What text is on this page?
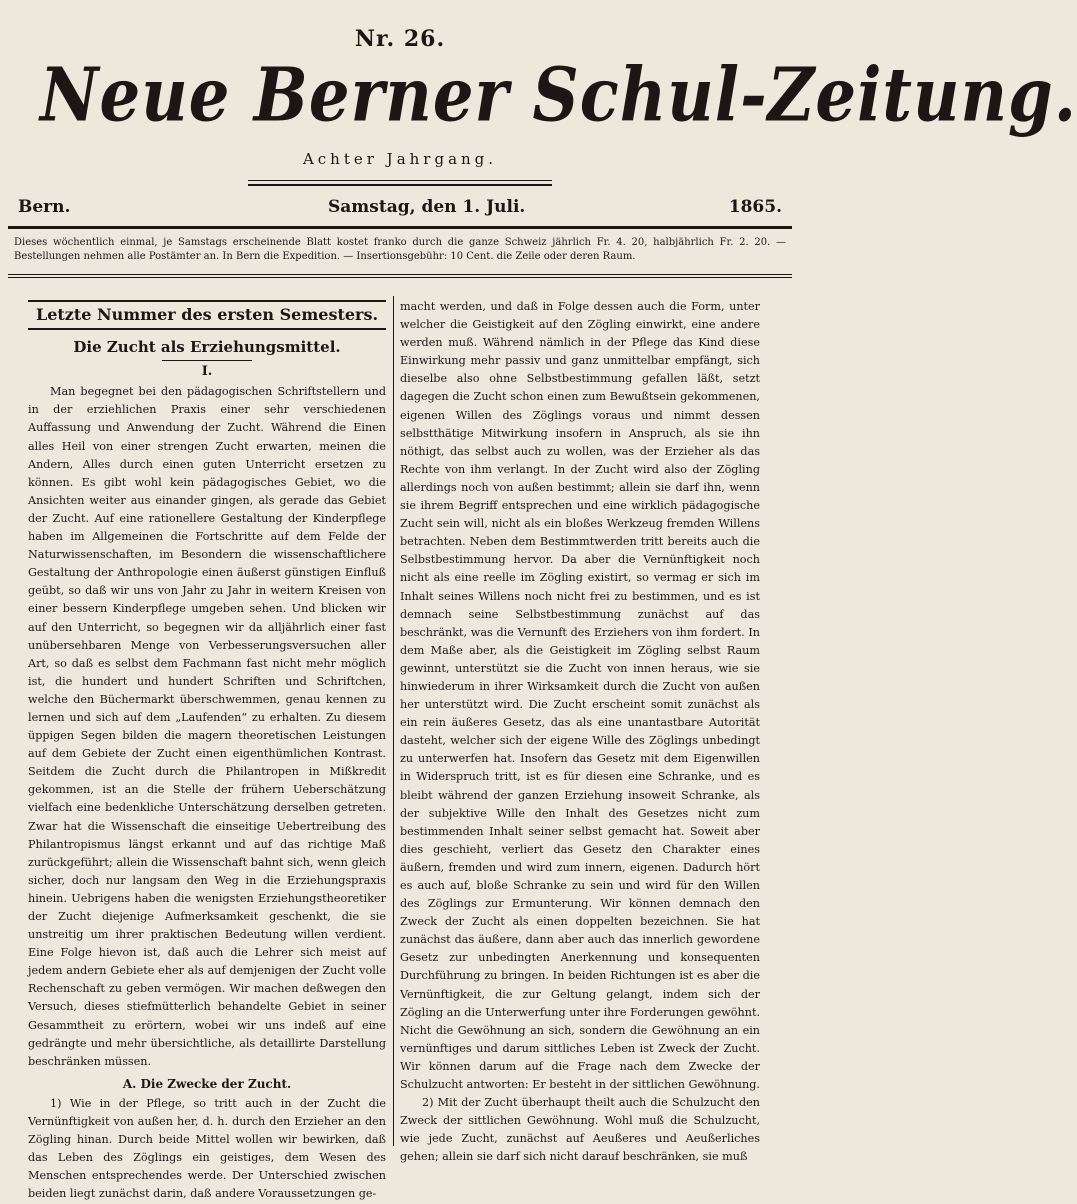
Nr. 26.
Neue Berner Schul-Zeitung.
Achter Jahrgang.
Bern.	Samstag, den 1. Juli.	1865.
Dieses wöchentlich einmal, je Samstags erscheinende Blatt kostet franko durch die ganze Schweiz jährlich Fr. 4. 20, halbjährlich Fr. 2. 20. — Bestellungen nehmen alle Postämter an. In Bern die Expedition. — Insertionsgebühr: 10 Cent. die Zeile oder deren Raum.
Letzte Nummer des ersten Semesters.
Die Zucht als Erziehungsmittel.
I.

Man begegnet bei den pädagogischen Schriftstellern und in der erziehlichen Praxis einer sehr verschiedenen Auffassung und Anwendung der Zucht. Während die Einen alles Heil von einer strengen Zucht erwarten, meinen die Andern, Alles durch einen guten Unterricht ersetzen zu können. Es gibt wohl kein pädagogisches Gebiet, wo die Ansichten weiter aus einander gingen, als gerade das Gebiet der Zucht. Auf eine rationellere Gestaltung der Kinderpflege haben im Allgemeinen die Fortschritte auf dem Felde der Naturwissenschaften, im Besondern die wissenschaftlichere Gestaltung der Anthropologie einen äußerst günstigen Einfluß geübt, so daß wir uns von Jahr zu Jahr in weitern Kreisen von einer bessern Kinderpflege umgeben sehen. Und blicken wir auf den Unterricht, so begegnen wir da alljährlich einer fast unübersehbaren Menge von Verbesserungsversuchen aller Art, so daß es selbst dem Fachmann fast nicht mehr möglich ist, die hundert und hundert Schriften und Schriftchen, welche den Büchermarkt überschwemmen, genau kennen zu lernen und sich auf dem „Laufenden“ zu erhalten. Zu diesem üppigen Segen bilden die magern theoretischen Leistungen auf dem Gebiete der Zucht einen eigenthümlichen Kontrast. Seitdem die Zucht durch die Philantropen in Mißkredit gekommen, ist an die Stelle der frühern Ueberschätzung vielfach eine bedenkliche Unterschätzung derselben getreten. Zwar hat die Wissenschaft die einseitige Uebertreibung des Philantropismus längst erkannt und auf das richtige Maß zurückgeführt; allein die Wissenschaft bahnt sich, wenn gleich sicher, doch nur langsam den Weg in die Erziehungspraxis hinein. Uebrigens haben die wenigsten Erziehungstheoretiker der Zucht diejenige Aufmerksamkeit geschenkt, die sie unstreitig um ihrer praktischen Bedeutung willen verdient. Eine Folge hievon ist, daß auch die Lehrer sich meist auf jedem andern Gebiete eher als auf demjenigen der Zucht volle Rechenschaft zu geben vermögen. Wir machen deßwegen den Versuch, dieses stiefmütterlich behandelte Gebiet in seiner Gesammtheit zu erörtern, wobei wir uns indeß auf eine gedrängte und mehr übersichtliche, als detaillirte Darstellung beschränken müssen.

A. Die Zwecke der Zucht.

1) Wie in der Pflege, so tritt auch in der Zucht die Vernünftigkeit von außen her, d. h. durch den Erzieher an den Zögling hinan. Durch beide Mittel wollen wir bewirken, daß das Leben des Zöglings ein geistiges, dem Wesen des Menschen entsprechendes werde. Der Unterschied zwischen beiden liegt zunächst darin, daß andere Voraussetzungen ge-

macht werden, und daß in Folge dessen auch die Form, unter welcher die Geistigkeit auf den Zögling einwirkt, eine andere werden muß. Während nämlich in der Pflege das Kind diese Einwirkung mehr passiv und ganz unmittelbar empfängt, sich dieselbe also ohne Selbstbestimmung gefallen läßt, setzt dagegen die Zucht schon einen zum Bewußtsein gekommenen, eigenen Willen des Zöglings voraus und nimmt dessen selbstthätige Mitwirkung insofern in Anspruch, als sie ihn nöthigt, das selbst auch zu wollen, was der Erzieher als das Rechte von ihm verlangt. In der Zucht wird also der Zögling allerdings noch von außen bestimmt; allein sie darf ihn, wenn sie ihrem Begriff entsprechen und eine wirklich pädagogische Zucht sein will, nicht als ein bloßes Werkzeug fremden Willens betrachten. Neben dem Bestimmtwerden tritt bereits auch die Selbstbestimmung hervor. Da aber die Vernünftigkeit noch nicht als eine reelle im Zögling existirt, so vermag er sich im Inhalt seines Willens noch nicht frei zu bestimmen, und es ist demnach seine Selbstbestimmung zunächst auf das beschränkt, was die Vernunft des Erziehers von ihm fordert. In dem Maße aber, als die Geistigkeit im Zögling selbst Raum gewinnt, unterstützt sie die Zucht von innen heraus, wie sie hinwiederum in ihrer Wirksamkeit durch die Zucht von außen her unterstützt wird. Die Zucht erscheint somit zunächst als ein rein äußeres Gesetz, das als eine unantastbare Autorität dasteht, welcher sich der eigene Wille des Zöglings unbedingt zu unterwerfen hat. Insofern das Gesetz mit dem Eigenwillen in Widerspruch tritt, ist es für diesen eine Schranke, und es bleibt während der ganzen Erziehung insoweit Schranke, als der subjektive Wille den Inhalt des Gesetzes nicht zum bestimmenden Inhalt seiner selbst gemacht hat. Soweit aber dies geschieht, verliert das Gesetz den Charakter eines äußern, fremden und wird zum innern, eigenen. Dadurch hört es auch auf, bloße Schranke zu sein und wird für den Willen des Zöglings zur Ermunterung. Wir können demnach den Zweck der Zucht als einen doppelten bezeichnen. Sie hat zunächst das äußere, dann aber auch das innerlich gewordene Gesetz zur unbedingten Anerkennung und konsequenten Durchführung zu bringen. In beiden Richtungen ist es aber die Vernünftigkeit, die zur Geltung gelangt, indem sich der Zögling an die Unterwerfung unter ihre Forderungen gewöhnt. Nicht die Gewöhnung an sich, sondern die Gewöhnung an ein vernünftiges und darum sittliches Leben ist Zweck der Zucht. Wir können darum auf die Frage nach dem Zwecke der Schulzucht antworten: Er besteht in der sittlichen Gewöhnung.

2) Mit der Zucht überhaupt theilt auch die Schulzucht den Zweck der sittlichen Gewöhnung. Wohl muß die Schulzucht, wie jede Zucht, zunächst auf Aeußeres und Aeußerliches gehen; allein sie darf sich nicht darauf beschränken, sie muß
